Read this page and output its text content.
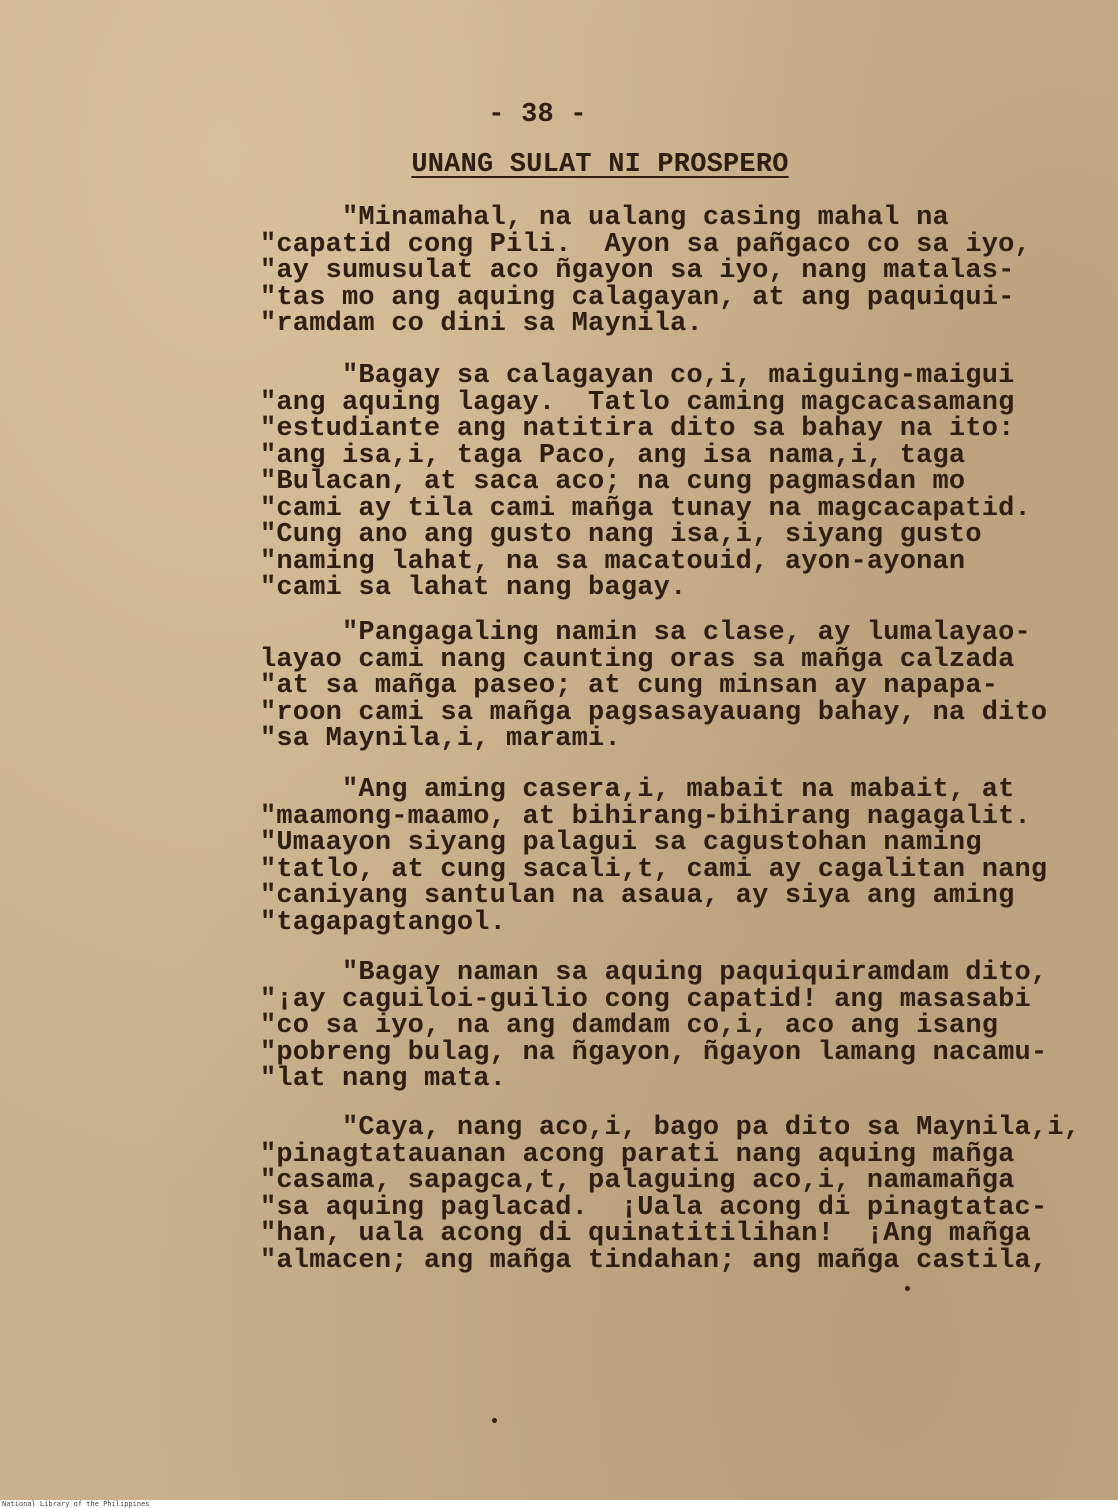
- 38 -
UNANG SULAT NI PROSPERO
"Minamahal, na ualang casing mahal na
"capatid cong Pili.  Ayon sa pañgaco co sa iyo,
"ay sumusulat aco ñgayon sa iyo, nang matalas-
"tas mo ang aquing calagayan, at ang paquiqui-
"ramdam co dini sa Maynila.
"Bagay sa calagayan co,i, maiguing-maigui
"ang aquing lagay.  Tatlo caming magcacasamang
"estudiante ang natitira dito sa bahay na ito:
"ang isa,i, taga Paco, ang isa nama,i, taga
"Bulacan, at saca aco; na cung pagmasdan mo
"cami ay tila cami mañga tunay na magcacapatid.
"Cung ano ang gusto nang isa,i, siyang gusto
"naming lahat, na sa macatouid, ayon-ayonan
"cami sa lahat nang bagay.
"Pangagaling namin sa clase, ay lumalayao-
layao cami nang caunting oras sa mañga calzada
"at sa mañga paseo; at cung minsan ay napapa-
"roon cami sa mañga pagsasayauang bahay, na dito
"sa Maynila,i, marami.
"Ang aming casera,i, mabait na mabait, at
"maamong-maamo, at bihirang-bihirang nagagalit.
"Umaayon siyang palagui sa cagustohan naming
"tatlo, at cung sacali,t, cami ay cagalitan nang
"caniyang santulan na asaua, ay siya ang aming
"tagapagtangol.
"Bagay naman sa aquing paquiquiramdam dito,
"¡ay caguiloi-guilio cong capatid! ang masasabi
"co sa iyo, na ang damdam co,i, aco ang isang
"pobreng bulag, na ñgayon, ñgayon lamang nacamu-
"lat nang mata.
"Caya, nang aco,i, bago pa dito sa Maynila,i,
"pinagtatauanan acong parati nang aquing mañga
"casama, sapagca,t, palaguing aco,i, namamañga
"sa aquing paglacad.  ¡Uala acong di pinagtatac-
"han, uala acong di quinatitilihan!  ¡Ang mañga
"almacen; ang mañga tindahan; ang mañga castila,
National Library of the Philippines
